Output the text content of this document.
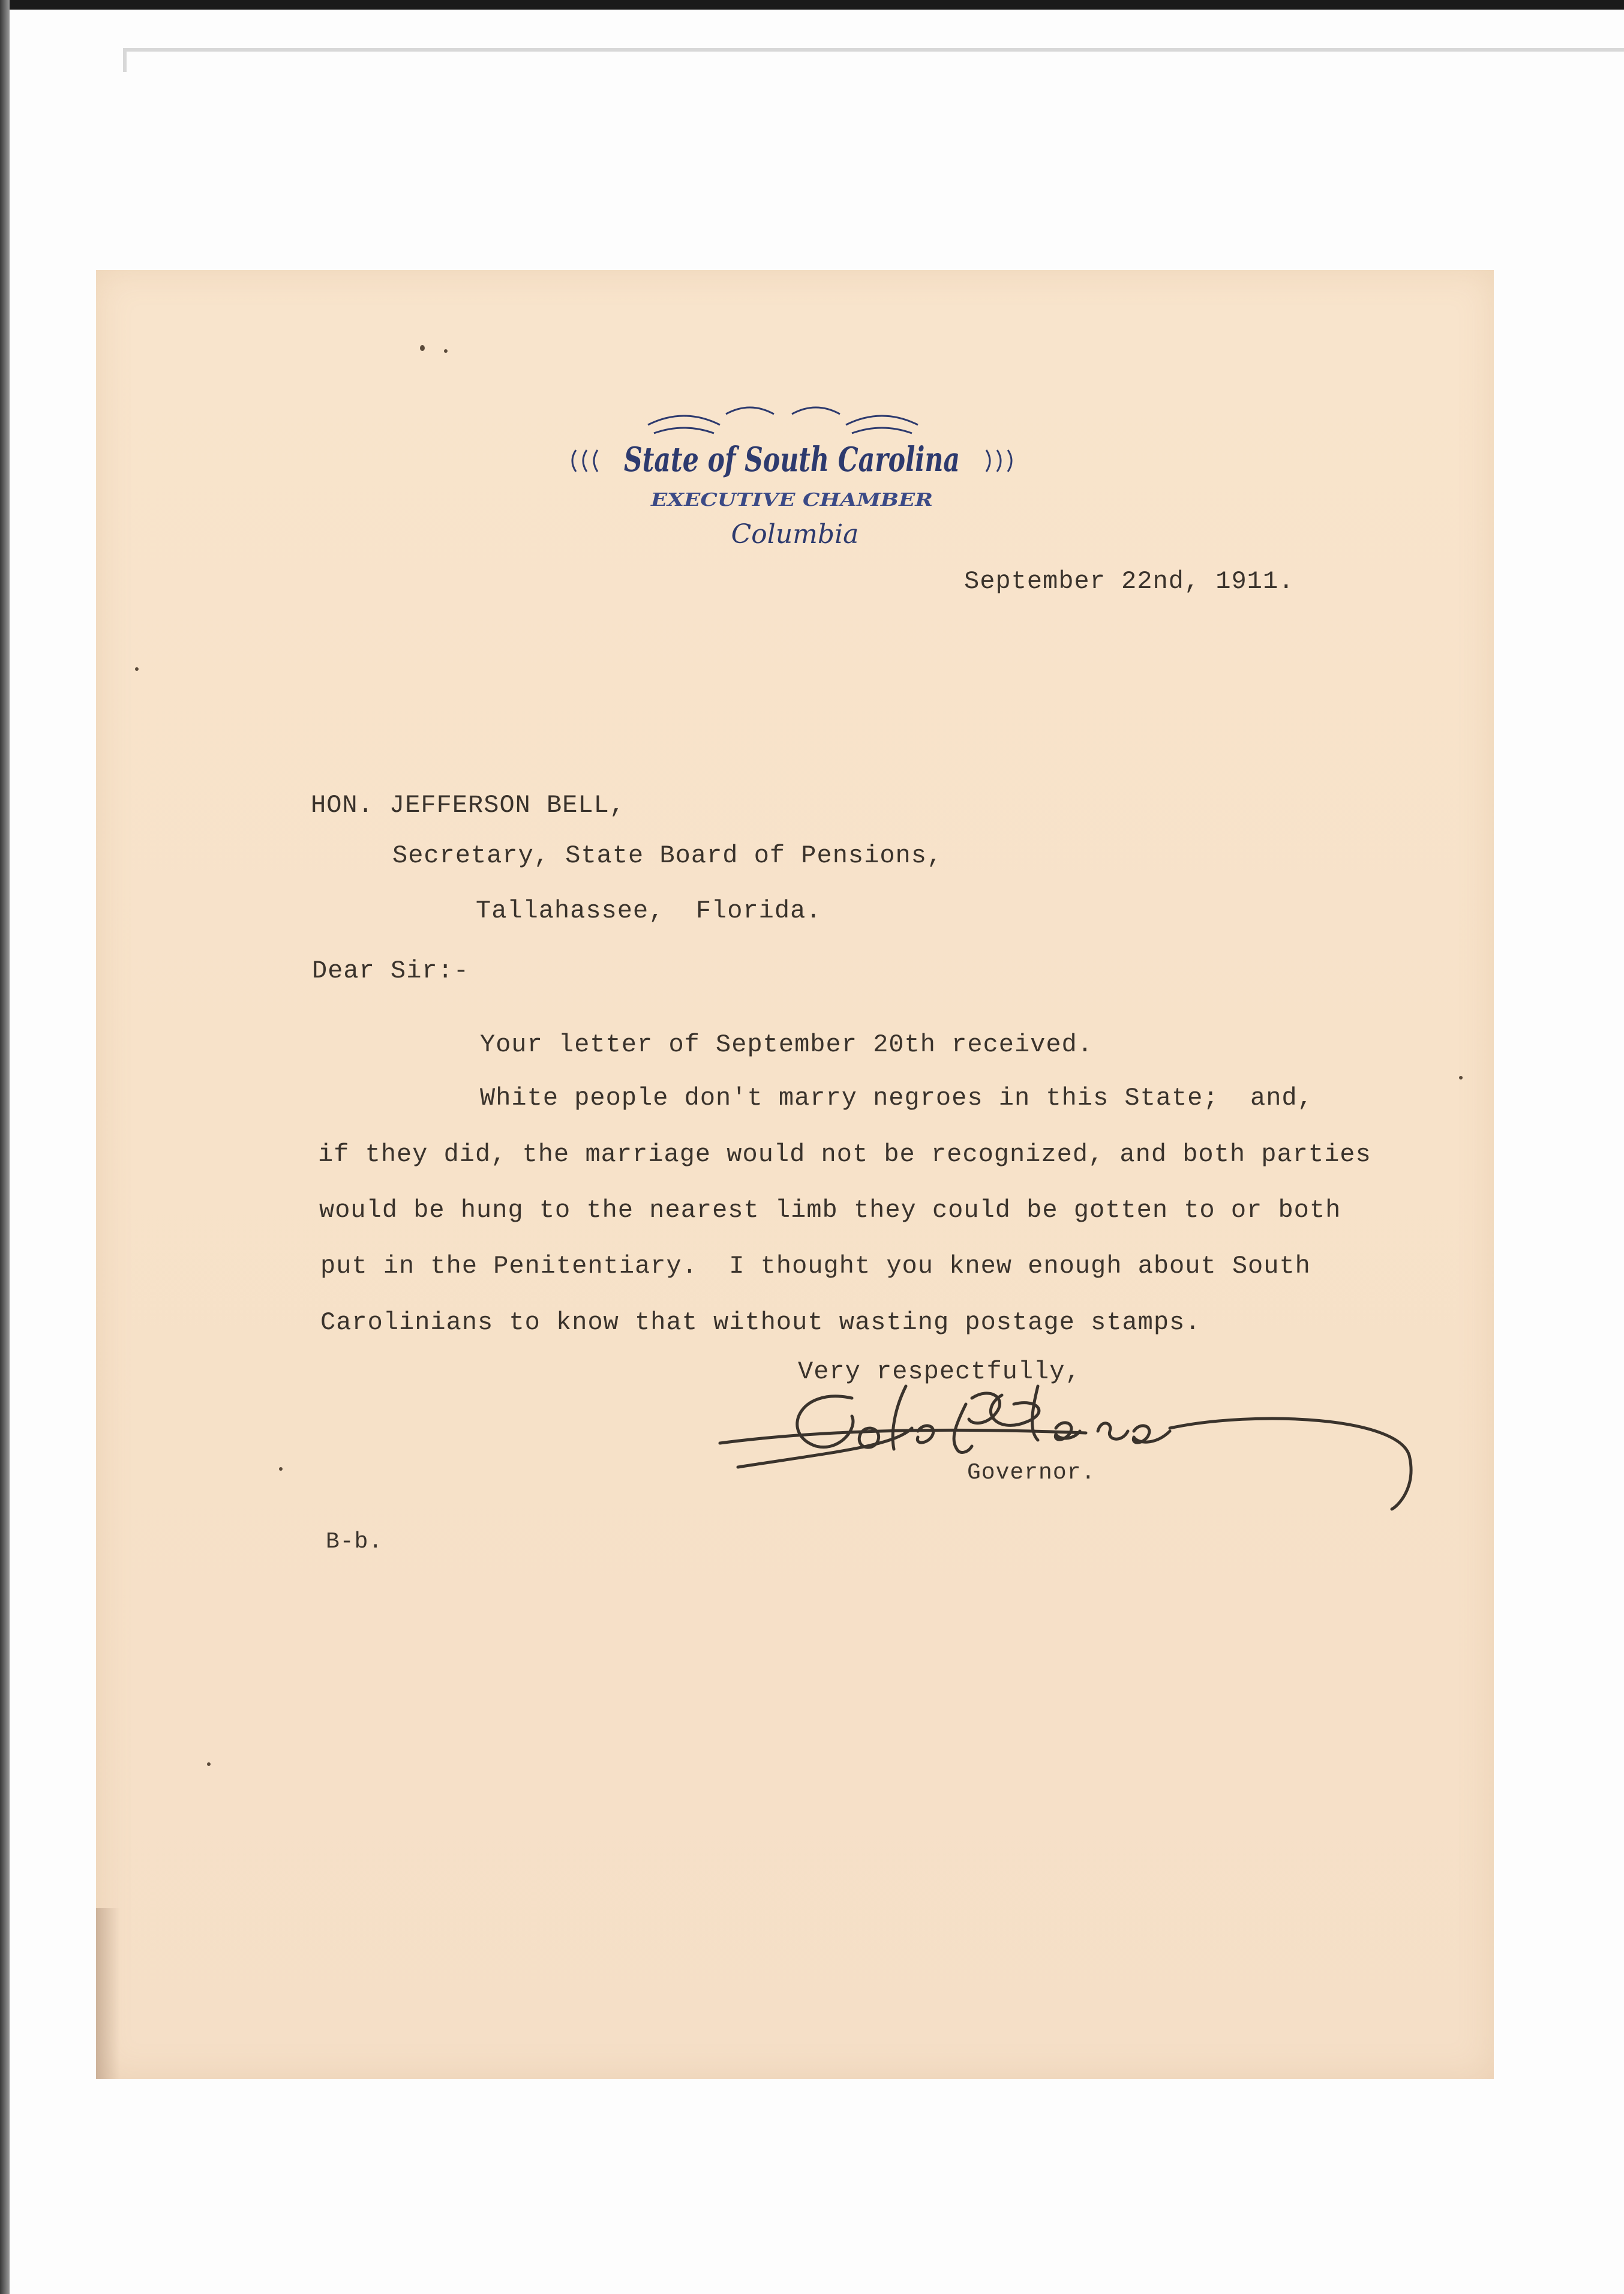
State of South Carolina
EXECUTIVE CHAMBER
Columbia
September 22nd, 1911.
HON. JEFFERSON BELL,
Secretary, State Board of Pensions,
Tallahassee,  Florida.
Dear Sir:-
Your letter of September 20th received.
White people don't marry negroes in this State;  and,
if they did, the marriage would not be recognized, and both parties
would be hung to the nearest limb they could be gotten to or both
put in the Penitentiary.  I thought you knew enough about South
Carolinians to know that without wasting postage stamps.
Very respectfully,
Governor.
B-b.
